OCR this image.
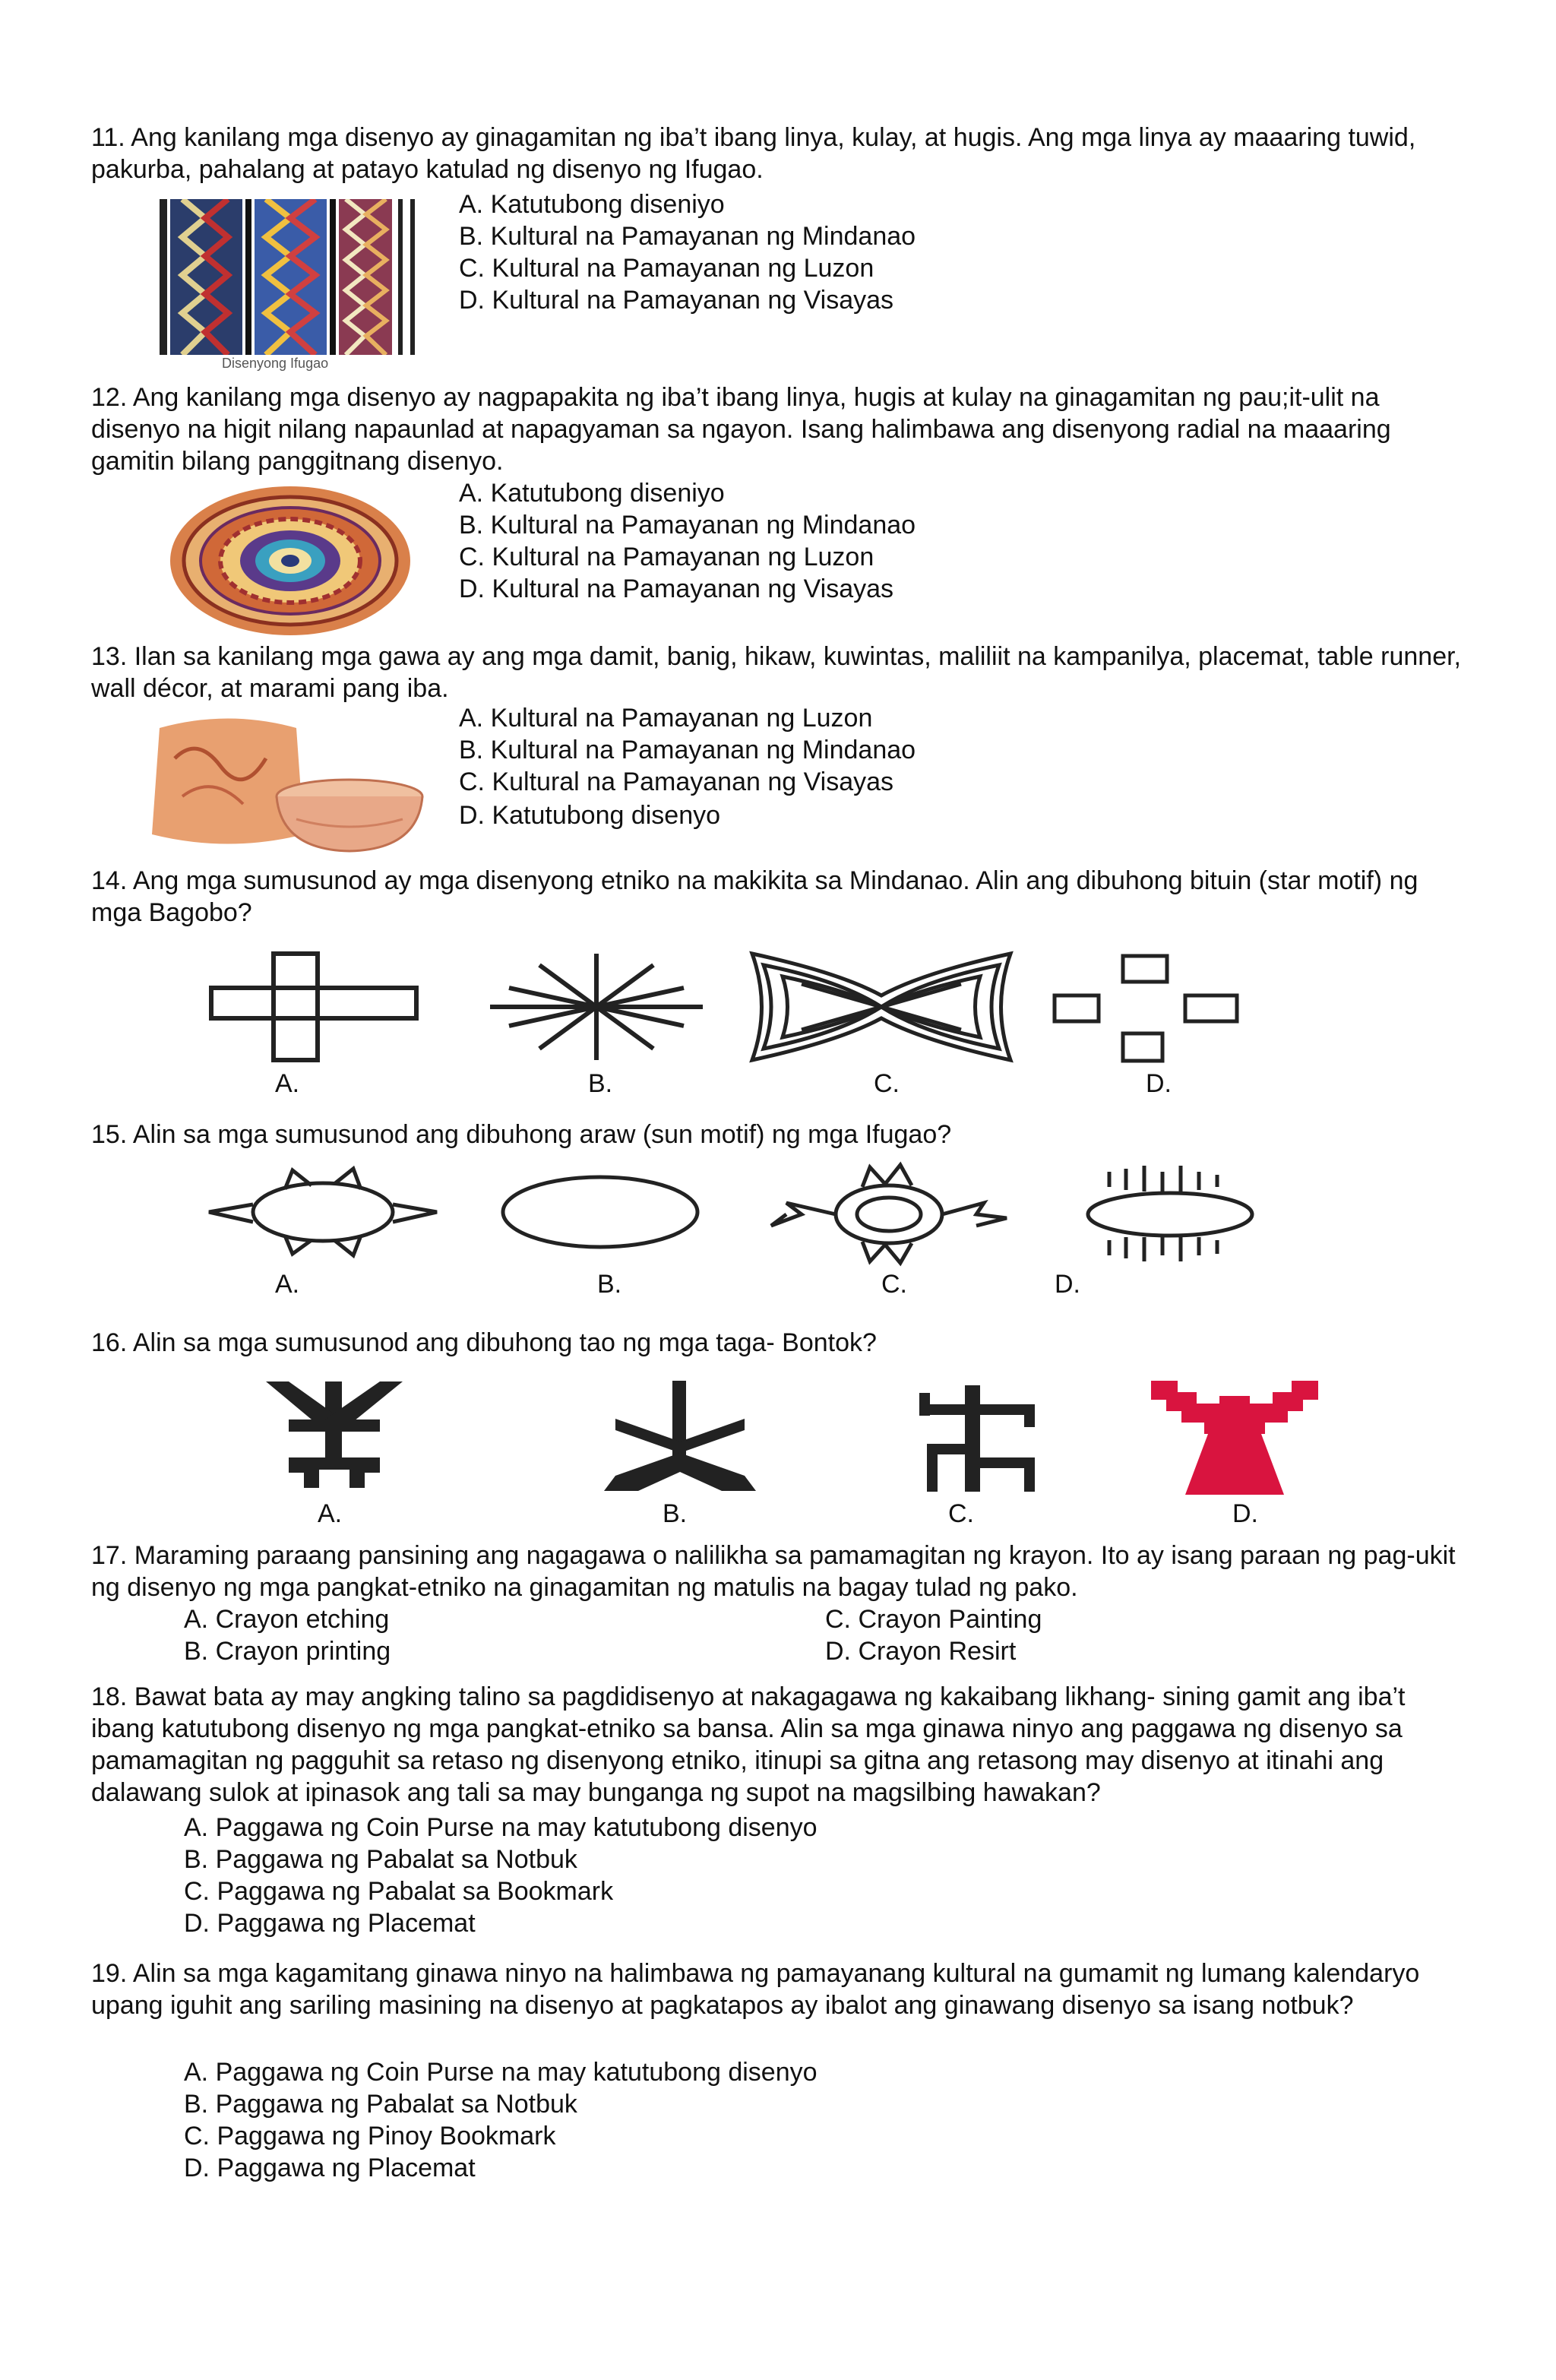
11. Ang kanilang mga disenyo ay ginagamitan ng iba’t ibang linya, kulay, at hugis. Ang mga linya ay maaaring tuwid, pakurba, pahalang at patayo katulad ng disenyo ng Ifugao.
Disenyong Ifugao
A. Katutubong diseniyo
B. Kultural na Pamayanan ng Mindanao
C. Kultural na Pamayanan ng Luzon
D. Kultural na Pamayanan ng Visayas
12. Ang kanilang mga disenyo ay nagpapakita ng iba’t ibang linya, hugis at kulay na ginagamitan ng pau;it-ulit na disenyo na higit nilang napaunlad at napagyaman sa ngayon. Isang halimbawa ang disenyong radial na maaaring gamitin bilang panggitnang disenyo.
A. Katutubong diseniyo
B. Kultural na Pamayanan ng Mindanao
C. Kultural na Pamayanan ng Luzon
D. Kultural na Pamayanan ng Visayas
13. Ilan sa kanilang mga gawa ay ang mga damit, banig, hikaw, kuwintas, maliliit na kampanilya, placemat, table runner, wall décor, at marami pang iba.
A. Kultural na Pamayanan ng Luzon
B. Kultural na Pamayanan ng Mindanao
C. Kultural na Pamayanan ng Visayas
D. Katutubong disenyo
14. Ang mga sumusunod ay mga disenyong etniko na makikita sa Mindanao. Alin ang dibuhong bituin (star motif) ng mga Bagobo?
A.	B.	C.	D.
15. Alin sa mga sumusunod ang dibuhong araw (sun motif) ng mga Ifugao?
A.	B.	C.	D.
16. Alin sa mga sumusunod ang dibuhong tao ng mga taga- Bontok?
A.	B.	C.	D.
17. Maraming paraang pansining ang nagagawa o nalilikha sa pamamagitan ng krayon. Ito ay isang paraan ng pag-ukit ng disenyo ng mga pangkat-etniko na ginagamitan ng matulis na bagay tulad ng pako.
A. Crayon etching
B. Crayon printing
C. Crayon Painting
D. Crayon Resirt
18. Bawat bata ay may angking talino sa pagdidisenyo at nakagagawa ng kakaibang likhang- sining gamit ang iba’t ibang katutubong disenyo ng mga pangkat-etniko sa bansa. Alin sa mga ginawa ninyo ang paggawa ng disenyo sa pamamagitan ng pagguhit sa retaso ng disenyong etniko, itinupi sa gitna ang retasong may disenyo at itinahi ang dalawang sulok at ipinasok ang tali sa may bunganga ng supot na magsilbing hawakan?
A. Paggawa ng Coin Purse na may katutubong disenyo
B. Paggawa ng Pabalat sa Notbuk
C. Paggawa ng Pabalat sa Bookmark
D. Paggawa ng Placemat
19. Alin sa mga kagamitang ginawa ninyo na halimbawa ng pamayanang kultural na gumamit ng lumang kalendaryo upang iguhit ang sariling masining na disenyo at pagkatapos ay ibalot ang ginawang disenyo sa isang notbuk?
A. Paggawa ng Coin Purse na may katutubong disenyo
B. Paggawa ng Pabalat sa Notbuk
C. Paggawa ng Pinoy Bookmark
D. Paggawa ng Placemat
